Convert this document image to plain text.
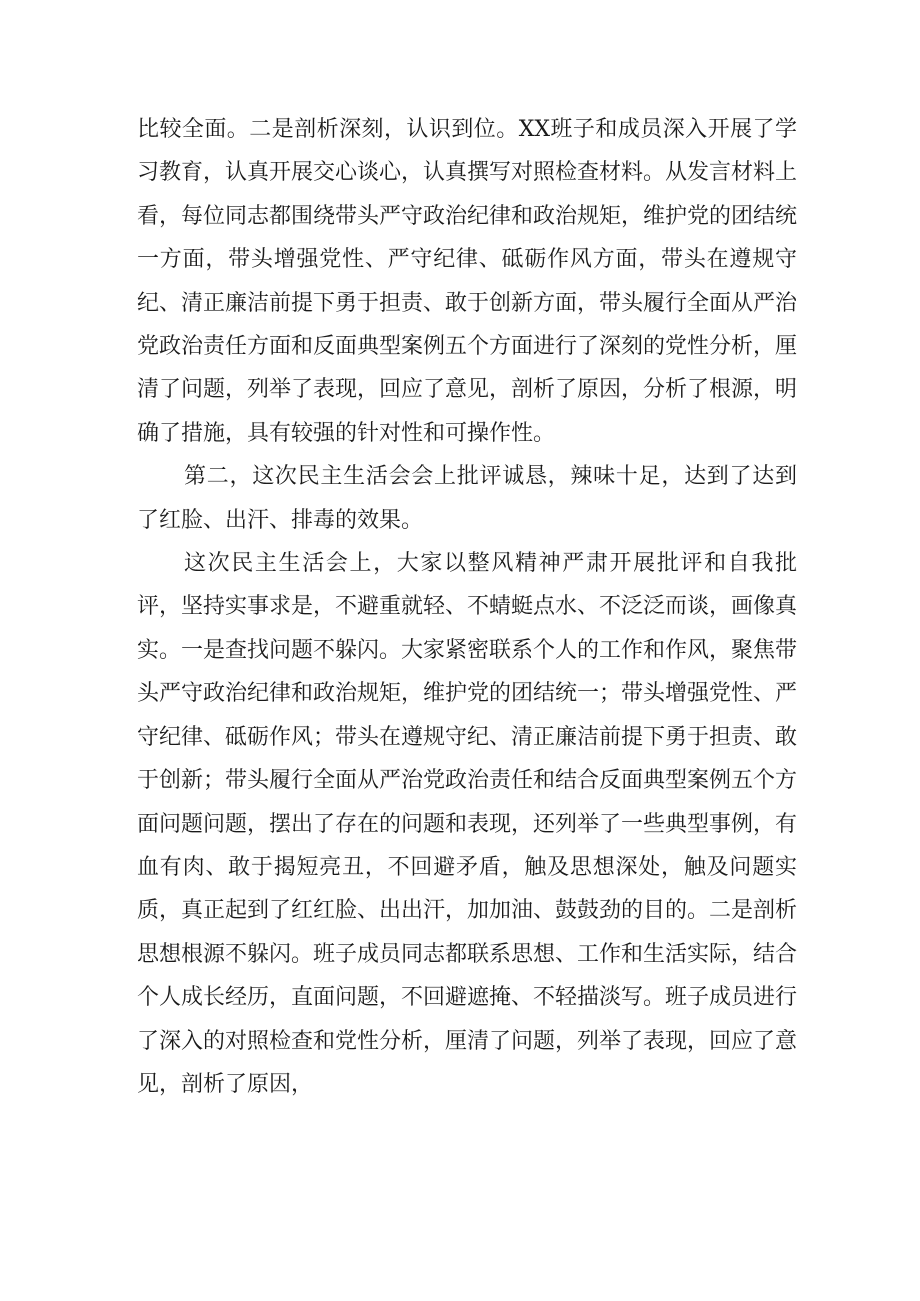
比较全面。二是剖析深刻，认识到位。XX班子和成员深入开展了学习教育，认真开展交心谈心，认真撰写对照检查材料。从发言材料上看，每位同志都围绕带头严守政治纪律和政治规矩，维护党的团结统一方面，带头增强党性、严守纪律、砥砺作风方面，带头在遵规守纪、清正廉洁前提下勇于担责、敢于创新方面，带头履行全面从严治党政治责任方面和反面典型案例五个方面进行了深刻的党性分析，厘清了问题，列举了表现，回应了意见，剖析了原因，分析了根源，明确了措施，具有较强的针对性和可操作性。

第二，这次民主生活会会上批评诚恳，辣味十足，达到了达到了红脸、出汗、排毒的效果。

这次民主生活会上，大家以整风精神严肃开展批评和自我批评，坚持实事求是，不避重就轻、不蜻蜓点水、不泛泛而谈，画像真实。一是查找问题不躲闪。大家紧密联系个人的工作和作风，聚焦带头严守政治纪律和政治规矩，维护党的团结统一；带头增强党性、严守纪律、砥砺作风；带头在遵规守纪、清正廉洁前提下勇于担责、敢于创新；带头履行全面从严治党政治责任和结合反面典型案例五个方面问题问题，摆出了存在的问题和表现，还列举了一些典型事例，有血有肉、敢于揭短亮丑，不回避矛盾，触及思想深处，触及问题实质，真正起到了红红脸、出出汗，加加油、鼓鼓劲的目的。二是剖析思想根源不躲闪。班子成员同志都联系思想、工作和生活实际，结合个人成长经历，直面问题，不回避遮掩、不轻描淡写。班子成员进行了深入的对照检查和党性分析，厘清了问题，列举了表现，回应了意见，剖析了原因，
